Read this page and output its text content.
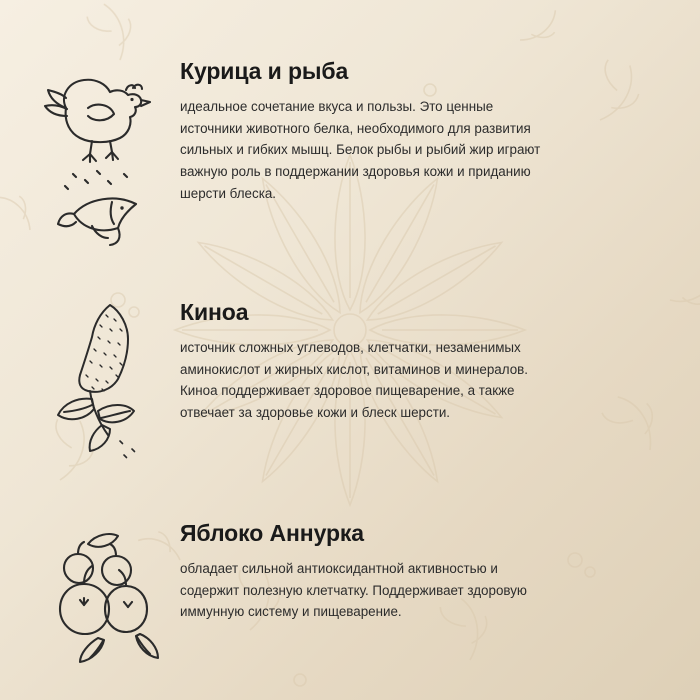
Курица и рыба

идеальное сочетание вкуса и пользы. Это ценные источники животного белка, необходимого для развития сильных и гибких мышц. Белок рыбы и рыбий жир играют важную роль в поддержании здоровья кожи и приданию шерсти блеска.

Киноа

источник сложных углеводов, клетчатки, незаменимых аминокислот и жирных кислот, витаминов и минералов. Киноа поддерживает здоровое пищеварение, а также отвечает за здоровье кожи и блеск шерсти.

Яблоко Аннурка

обладает сильной антиоксидантной активностью и содержит полезную клетчатку. Поддерживает здоровую иммунную систему и пищеварение.
